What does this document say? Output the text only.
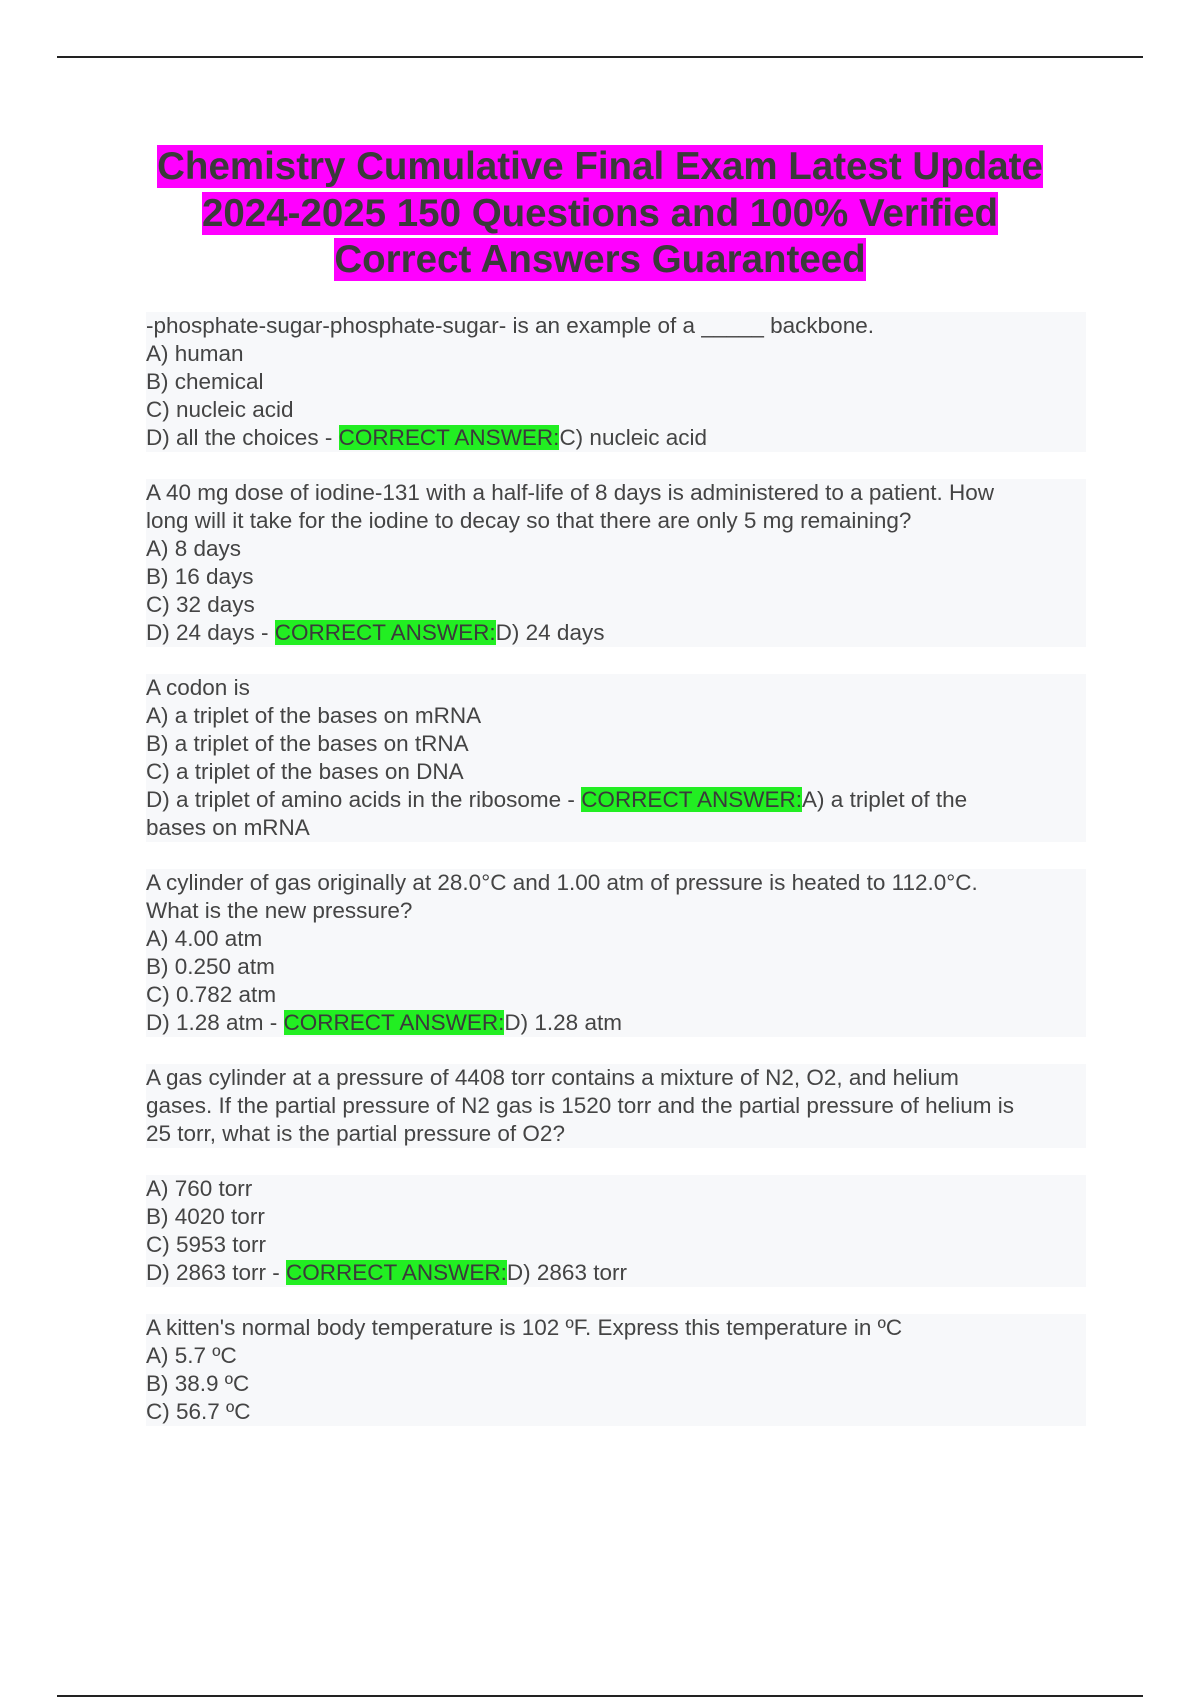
Chemistry Cumulative Final Exam Latest Update
2024-2025 150 Questions and 100% Verified
Correct Answers Guaranteed
-phosphate-sugar-phosphate-sugar- is an example of a _____ backbone.
A) human
B) chemical
C) nucleic acid
D) all the choices - CORRECT ANSWER:C) nucleic acid
A 40 mg dose of iodine-131 with a half-life of 8 days is administered to a patient. How
long will it take for the iodine to decay so that there are only 5 mg remaining?
A) 8 days
B) 16 days
C) 32 days
D) 24 days - CORRECT ANSWER:D) 24 days
A codon is
A) a triplet of the bases on mRNA
B) a triplet of the bases on tRNA
C) a triplet of the bases on DNA
D) a triplet of amino acids in the ribosome - CORRECT ANSWER:A) a triplet of the
bases on mRNA
A cylinder of gas originally at 28.0°C and 1.00 atm of pressure is heated to 112.0°C.
What is the new pressure?
A) 4.00 atm
B) 0.250 atm
C) 0.782 atm
D) 1.28 atm - CORRECT ANSWER:D) 1.28 atm
A gas cylinder at a pressure of 4408 torr contains a mixture of N2, O2, and helium
gases. If the partial pressure of N2 gas is 1520 torr and the partial pressure of helium is
25 torr, what is the partial pressure of O2?
A) 760 torr
B) 4020 torr
C) 5953 torr
D) 2863 torr - CORRECT ANSWER:D) 2863 torr
A kitten's normal body temperature is 102 ºF. Express this temperature in ºC
A) 5.7 ºC
B) 38.9 ºC
C) 56.7 ºC
